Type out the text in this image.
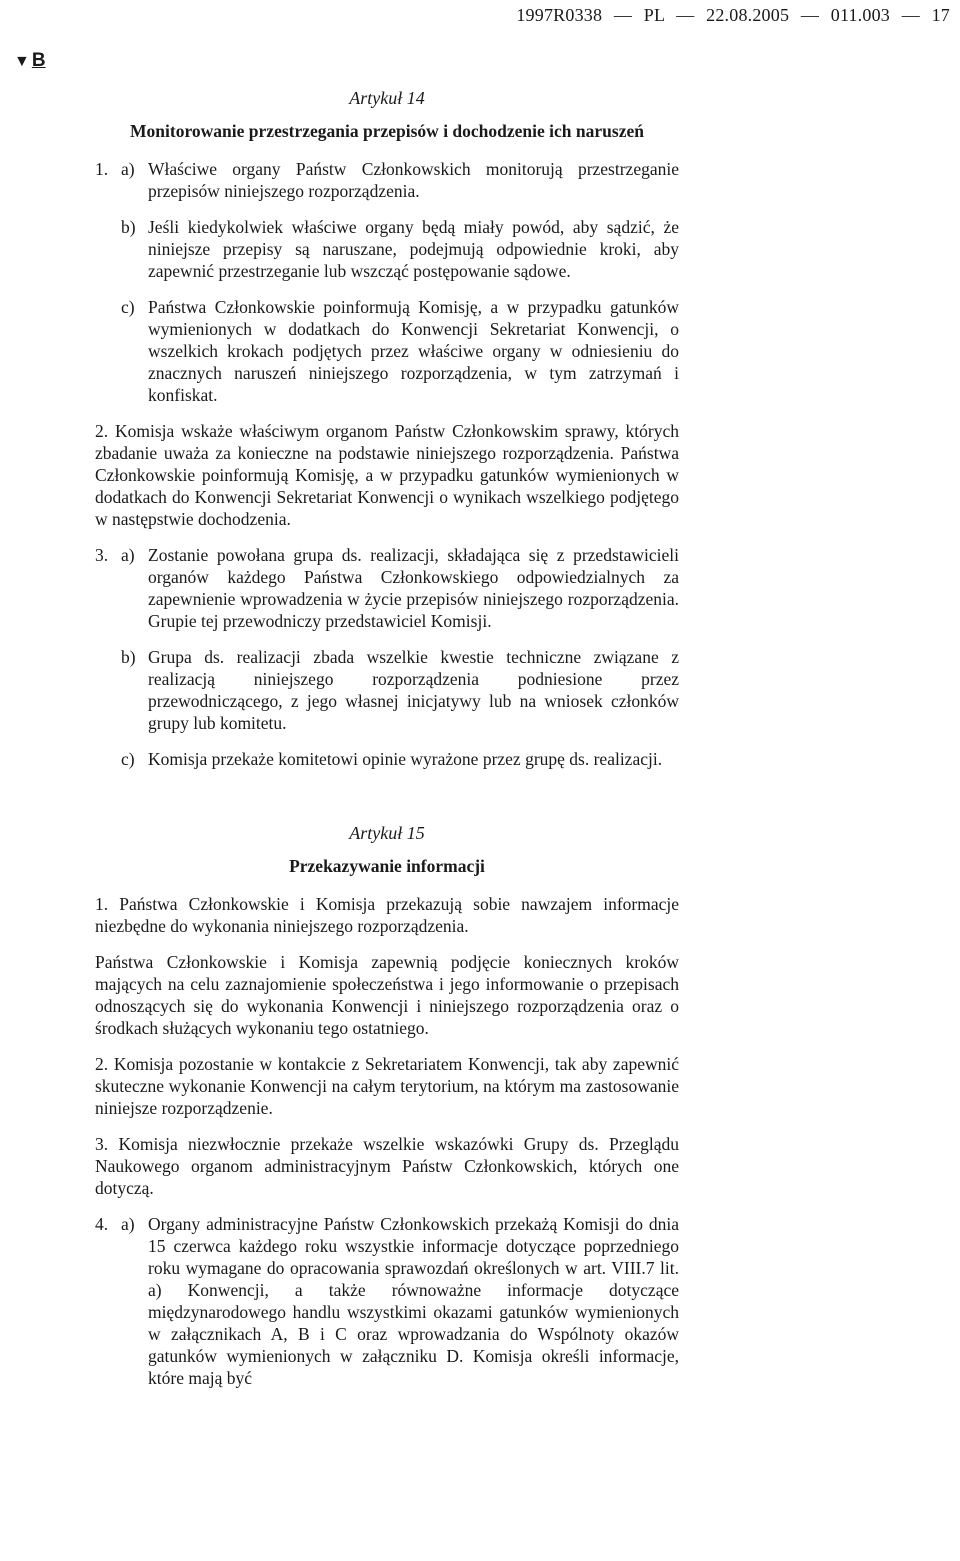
1997R0338 — PL — 22.08.2005 — 011.003 — 17
▼ B
Artykuł 14
Monitorowanie przestrzegania przepisów i dochodzenie ich naruszeń
1. a) Właściwe organy Państw Członkowskich monitorują przestrzeganie przepisów niniejszego rozporządzenia.
b) Jeśli kiedykolwiek właściwe organy będą miały powód, aby sądzić, że niniejsze przepisy są naruszane, podejmują odpowiednie kroki, aby zapewnić przestrzeganie lub wszcząć postępowanie sądowe.
c) Państwa Członkowskie poinformują Komisję, a w przypadku gatunków wymienionych w dodatkach do Konwencji Sekretariat Konwencji, o wszelkich krokach podjętych przez właściwe organy w odniesieniu do znacznych naruszeń niniejszego rozporządzenia, w tym zatrzymań i konfiskat.

2. Komisja wskaże właściwym organom Państw Członkowskim sprawy, których zbadanie uważa za konieczne na podstawie niniejszego rozporządzenia. Państwa Członkowskie poinformują Komisję, a w przypadku gatunków wymienionych w dodatkach do Konwencji Sekretariat Konwencji o wynikach wszelkiego podjętego w następstwie dochodzenia.

3. a) Zostanie powołana grupa ds. realizacji, składająca się z przedstawicieli organów każdego Państwa Członkowskiego odpowiedzialnych za zapewnienie wprowadzenia w życie przepisów niniejszego rozporządzenia. Grupie tej przewodniczy przedstawiciel Komisji.
b) Grupa ds. realizacji zbada wszelkie kwestie techniczne związane z realizacją niniejszego rozporządzenia podniesione przez przewodniczącego, z jego własnej inicjatywy lub na wniosek członków grupy lub komitetu.
c) Komisja przekaże komitetowi opinie wyrażone przez grupę ds. realizacji.
Artykuł 15
Przekazywanie informacji

1. Państwa Członkowskie i Komisja przekazują sobie nawzajem informacje niezbędne do wykonania niniejszego rozporządzenia.

Państwa Członkowskie i Komisja zapewnią podjęcie koniecznych kroków mających na celu zaznajomienie społeczeństwa i jego informowanie o przepisach odnoszących się do wykonania Konwencji i niniejszego rozporządzenia oraz o środkach służących wykonaniu tego ostatniego.

2. Komisja pozostanie w kontakcie z Sekretariatem Konwencji, tak aby zapewnić skuteczne wykonanie Konwencji na całym terytorium, na którym ma zastosowanie niniejsze rozporządzenie.

3. Komisja niezwłocznie przekaże wszelkie wskazówki Grupy ds. Przeglądu Naukowego organom administracyjnym Państw Członkowskich, których one dotyczą.

4. a) Organy administracyjne Państw Członkowskich przekażą Komisji do dnia 15 czerwca każdego roku wszystkie informacje dotyczące poprzedniego roku wymagane do opracowania sprawozdań określonych w art. VIII.7 lit. a) Konwencji, a także równoważne informacje dotyczące międzynarodowego handlu wszystkimi okazami gatunków wymienionych w załącznikach A, B i C oraz wprowadzania do Wspólnoty okazów gatunków wymienionych w załączniku D. Komisja określi informacje, które mają być
